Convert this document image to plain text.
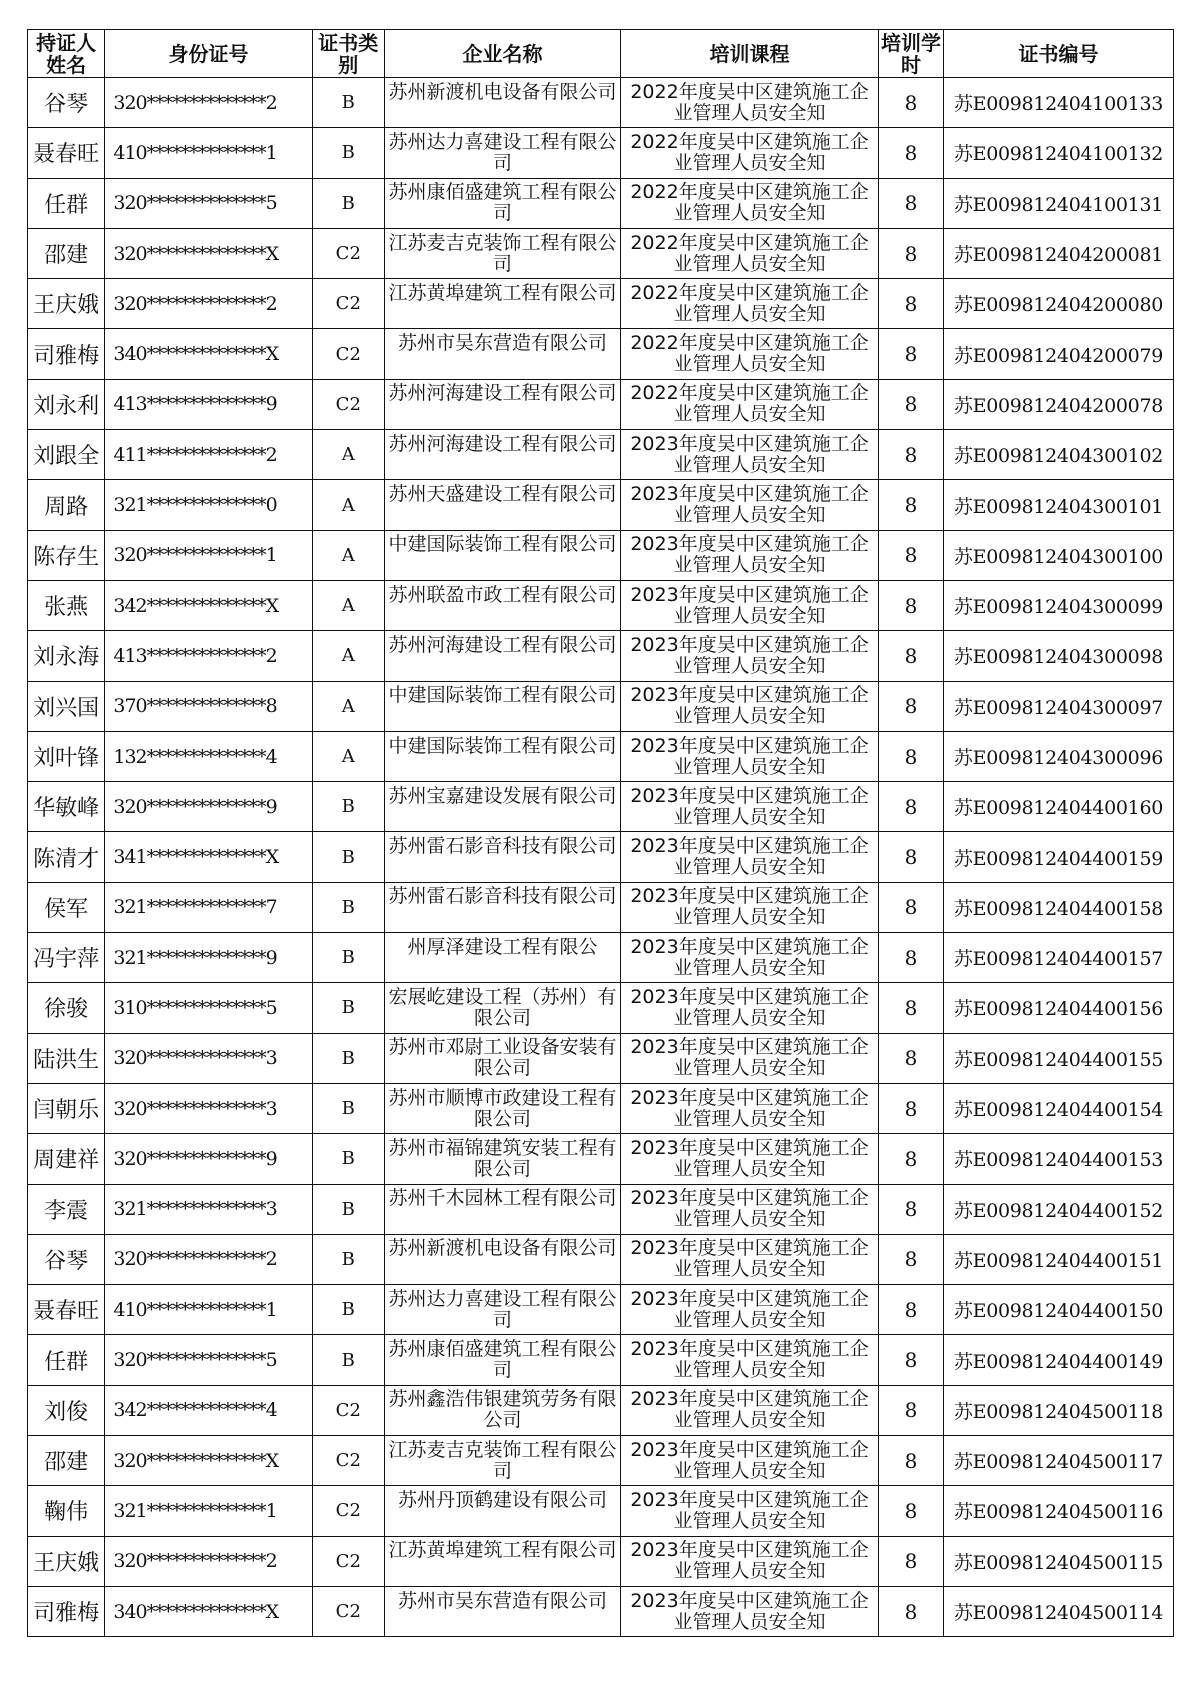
持证人姓名	身份证号	证书类别	企业名称	培训课程	培训学时	证书编号
谷琴	320**************2	B	苏州新渡机电设备有限公司	2022年度吴中区建筑施工企业管理人员安全知	8	苏E009812404100133
聂春旺	410**************1	B	苏州达力喜建设工程有限公司	2022年度吴中区建筑施工企业管理人员安全知	8	苏E009812404100132
任群	320**************5	B	苏州康佰盛建筑工程有限公司	2022年度吴中区建筑施工企业管理人员安全知	8	苏E009812404100131
邵建	320**************X	C2	江苏麦吉克装饰工程有限公司	2022年度吴中区建筑施工企业管理人员安全知	8	苏E009812404200081
王庆娥	320**************2	C2	江苏黄埠建筑工程有限公司	2022年度吴中区建筑施工企业管理人员安全知	8	苏E009812404200080
司雅梅	340**************X	C2	苏州市吴东营造有限公司	2022年度吴中区建筑施工企业管理人员安全知	8	苏E009812404200079
刘永利	413**************9	C2	苏州河海建设工程有限公司	2022年度吴中区建筑施工企业管理人员安全知	8	苏E009812404200078
刘跟全	411**************2	A	苏州河海建设工程有限公司	2023年度吴中区建筑施工企业管理人员安全知	8	苏E009812404300102
周路	321**************0	A	苏州天盛建设工程有限公司	2023年度吴中区建筑施工企业管理人员安全知	8	苏E009812404300101
陈存生	320**************1	A	中建国际装饰工程有限公司	2023年度吴中区建筑施工企业管理人员安全知	8	苏E009812404300100
张燕	342**************X	A	苏州联盈市政工程有限公司	2023年度吴中区建筑施工企业管理人员安全知	8	苏E009812404300099
刘永海	413**************2	A	苏州河海建设工程有限公司	2023年度吴中区建筑施工企业管理人员安全知	8	苏E009812404300098
刘兴国	370**************8	A	中建国际装饰工程有限公司	2023年度吴中区建筑施工企业管理人员安全知	8	苏E009812404300097
刘叶锋	132**************4	A	中建国际装饰工程有限公司	2023年度吴中区建筑施工企业管理人员安全知	8	苏E009812404300096
华敏峰	320**************9	B	苏州宝嘉建设发展有限公司	2023年度吴中区建筑施工企业管理人员安全知	8	苏E009812404400160
陈清才	341**************X	B	苏州雷石影音科技有限公司	2023年度吴中区建筑施工企业管理人员安全知	8	苏E009812404400159
侯军	321**************7	B	苏州雷石影音科技有限公司	2023年度吴中区建筑施工企业管理人员安全知	8	苏E009812404400158
冯宇萍	321**************9	B	州厚泽建设工程有限公	2023年度吴中区建筑施工企业管理人员安全知	8	苏E009812404400157
徐骏	310**************5	B	宏展屹建设工程（苏州）有限公司	2023年度吴中区建筑施工企业管理人员安全知	8	苏E009812404400156
陆洪生	320**************3	B	苏州市邓尉工业设备安装有限公司	2023年度吴中区建筑施工企业管理人员安全知	8	苏E009812404400155
闫朝乐	320**************3	B	苏州市顺博市政建设工程有限公司	2023年度吴中区建筑施工企业管理人员安全知	8	苏E009812404400154
周建祥	320**************9	B	苏州市福锦建筑安装工程有限公司	2023年度吴中区建筑施工企业管理人员安全知	8	苏E009812404400153
李震	321**************3	B	苏州千木园林工程有限公司	2023年度吴中区建筑施工企业管理人员安全知	8	苏E009812404400152
谷琴	320**************2	B	苏州新渡机电设备有限公司	2023年度吴中区建筑施工企业管理人员安全知	8	苏E009812404400151
聂春旺	410**************1	B	苏州达力喜建设工程有限公司	2023年度吴中区建筑施工企业管理人员安全知	8	苏E009812404400150
任群	320**************5	B	苏州康佰盛建筑工程有限公司	2023年度吴中区建筑施工企业管理人员安全知	8	苏E009812404400149
刘俊	342**************4	C2	苏州鑫浩伟银建筑劳务有限公司	2023年度吴中区建筑施工企业管理人员安全知	8	苏E009812404500118
邵建	320**************X	C2	江苏麦吉克装饰工程有限公司	2023年度吴中区建筑施工企业管理人员安全知	8	苏E009812404500117
鞠伟	321**************1	C2	苏州丹顶鹤建设有限公司	2023年度吴中区建筑施工企业管理人员安全知	8	苏E009812404500116
王庆娥	320**************2	C2	江苏黄埠建筑工程有限公司	2023年度吴中区建筑施工企业管理人员安全知	8	苏E009812404500115
司雅梅	340**************X	C2	苏州市吴东营造有限公司	2023年度吴中区建筑施工企业管理人员安全知	8	苏E009812404500114
